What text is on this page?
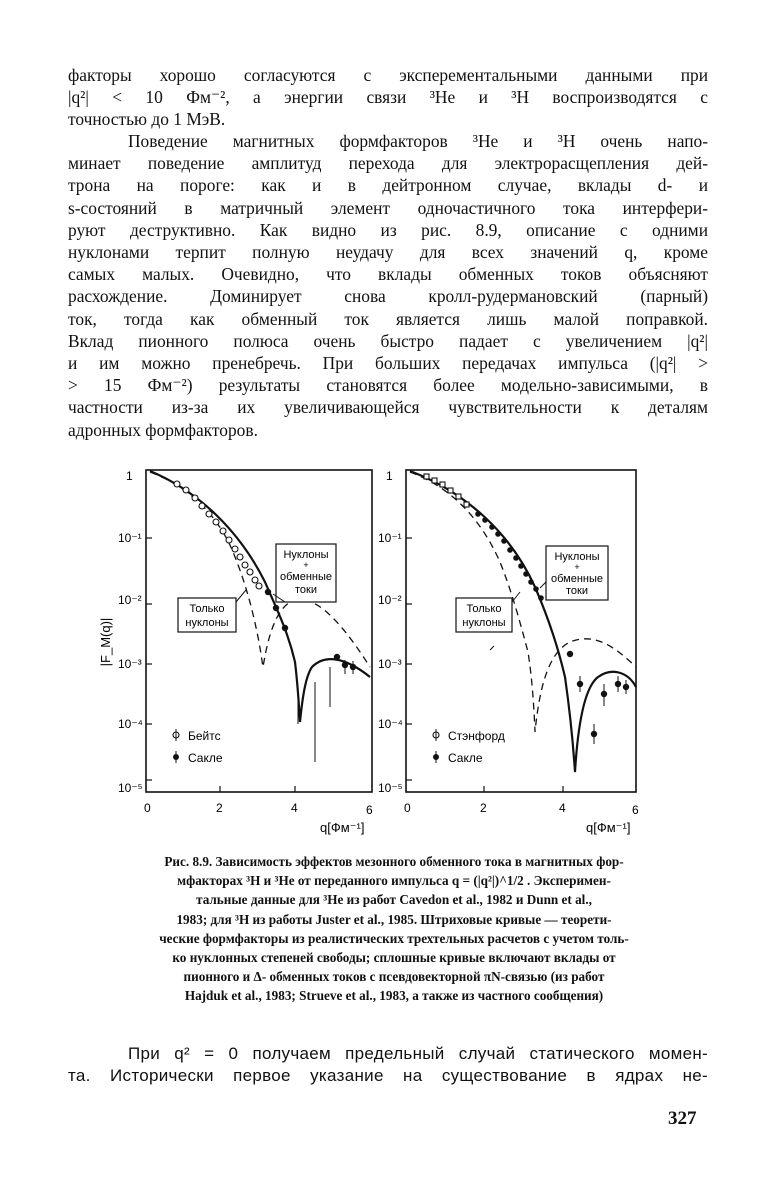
факторы хорошо согласуются с эксперементальными данными при
|q²| < 10 Фм⁻², а энергии связи ³He и ³H воспроизводятся с
точностью до 1 МэВ.
Поведение магнитных формфакторов ³He и ³H очень напо-
минает поведение амплитуд перехода для электрорасщепления дей-
трона на пороге: как и в дейтронном случае, вклады d- и
s-состояний в матричный элемент одночастичного тока интерфери-
руют деструктивно. Как видно из рис. 8.9, описание с одними
нуклонами терпит полную неудачу для всех значений q, кроме
самых малых. Очевидно, что вклады обменных токов объясняют
расхождение. Доминирует снова кролл-рудермановский (парный)
ток, тогда как обменный ток является лишь малой поправкой.
Вклад пионного полюса очень быстро падает с увеличением |q²|
и им можно пренебречь. При больших передачах импульса (|q²| >
> 15 Фм⁻²) результаты становятся более модельно-зависимыми, в
частности из-за их увеличивающейся чувствительности к деталям
адронных формфакторов.
|F_M(q)|
1
10⁻¹
10⁻²
10⁻³
10⁻⁴
10⁻⁵
0	2	4	6
q[Фм⁻¹]
Нуклоны
+
обменные
токи
Только
нуклоны
Бейтс
Сакле
1
10⁻¹
10⁻²
10⁻³
10⁻⁴
10⁻⁵
0	2	4	6
q[Фм⁻¹]
Нуклоны
+
обменные
токи
Только
нуклоны
Стэнфорд
Сакле
Рис. 8.9. Зависимость эффектов мезонного обменного тока в магнитных фор-
мфакторах ³H и ³He от переданного импульса q = (|q²|)^1/2 . Эксперимен-
тальные данные для ³He из работ Cavedon et al., 1982 и Dunn et al.,
1983; для ³H из работы Juster et al., 1985. Штриховые кривые — теорети-
ческие формфакторы из реалистических трехтельных расчетов с учетом толь-
ко нуклонных степеней свободы; сплошные кривые включают вклады от
пионного и Δ- обменных токов с псевдовекторной πN-связью (из работ
Hajduk et al., 1983; Strueve et al., 1983, а также из частного сообщения)
При q² = 0 получаем предельный случай статического момен-
та. Исторически первое указание на существование в ядрах не-
327
